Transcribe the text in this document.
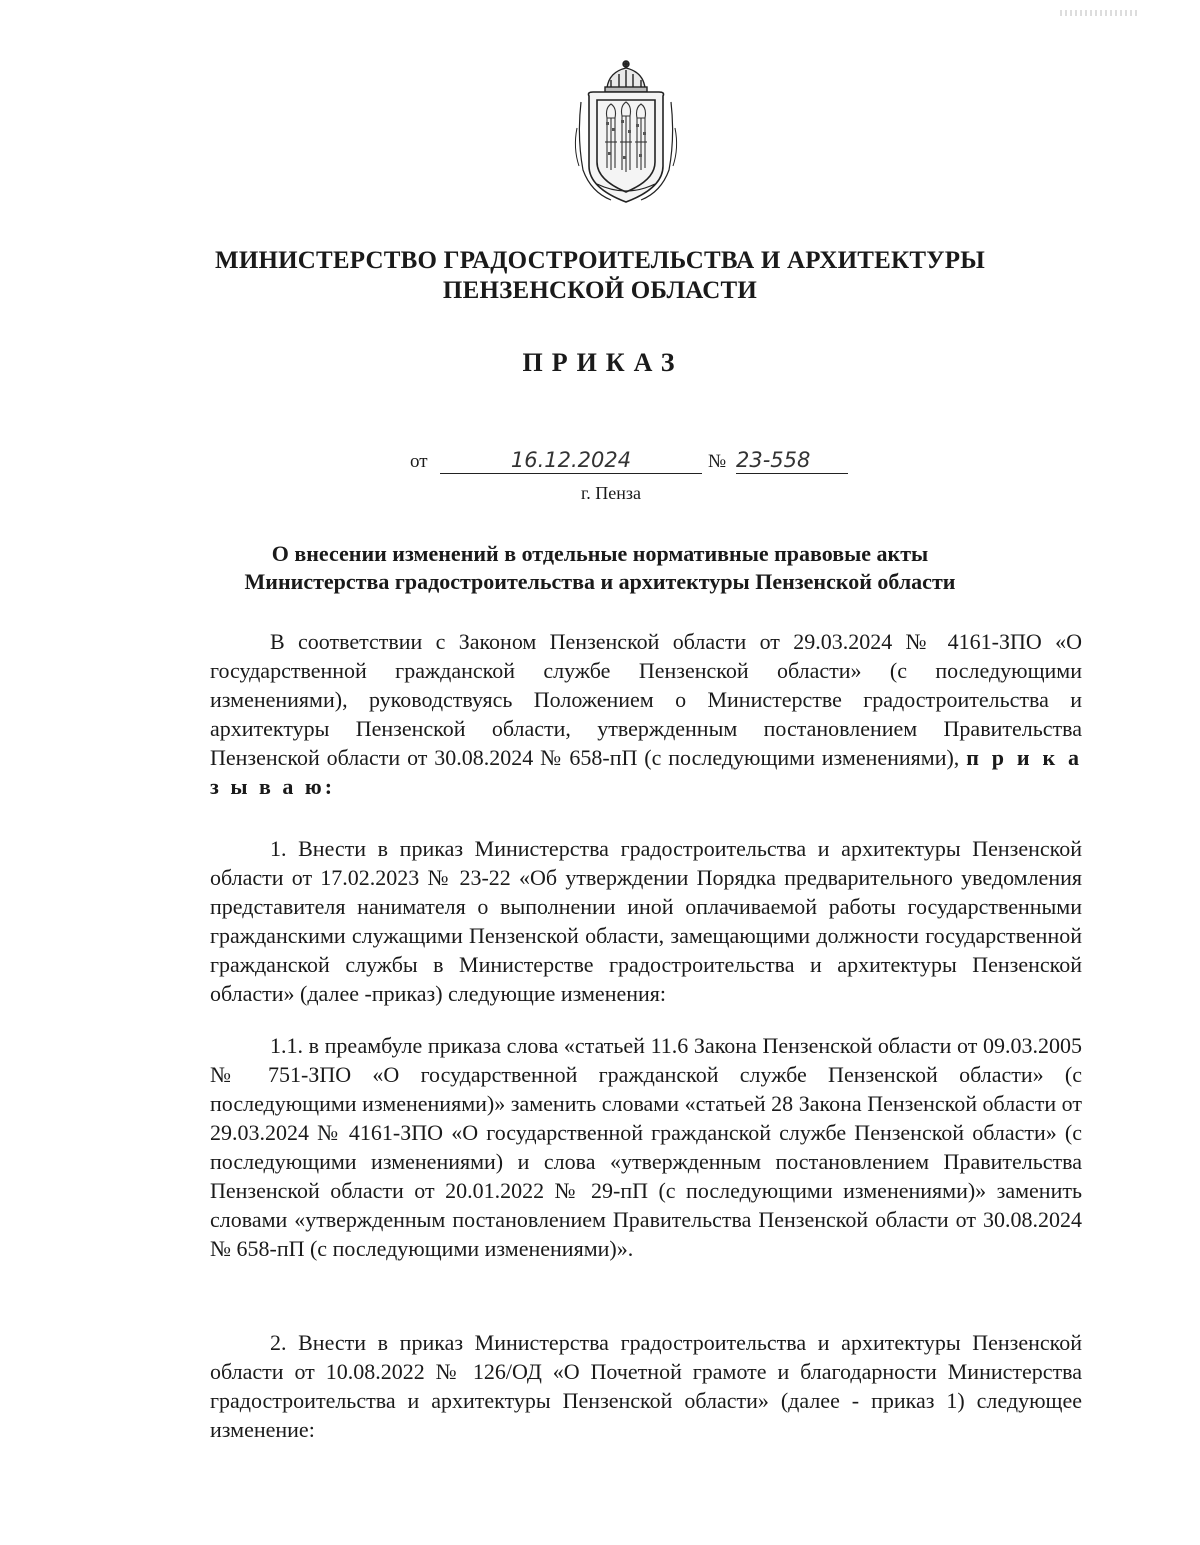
МИНИСТЕРСТВО ГРАДОСТРОИТЕЛЬСТВА И АРХИТЕКТУРЫ
ПЕНЗЕНСКОЙ ОБЛАСТИ
ПРИКАЗ
от	16.12.2024	№ 23-558
г. Пенза
О внесении изменений в отдельные нормативные правовые акты
Министерства градостроительства и архитектуры Пензенской области

В соответствии с Законом Пензенской области от 29.03.2024 № 4161-ЗПО «О государственной гражданской службе Пензенской области» (с последующими изменениями), руководствуясь Положением о Министерстве градостроительства и архитектуры Пензенской области, утвержденным постановлением Правительства Пензенской области от 30.08.2024 № 658-пП (с последующими изменениями), п р и к а з ы в а ю:

1. Внести в приказ Министерства градостроительства и архитектуры Пензенской области от 17.02.2023 № 23-22 «Об утверждении Порядка предварительного уведомления представителя нанимателя о выполнении иной оплачиваемой работы государственными гражданскими служащими Пензенской области, замещающими должности государственной гражданской службы в Министерстве градостроительства и архитектуры Пензенской области» (далее -приказ) следующие изменения:

1.1. в преамбуле приказа слова «статьей 11.6 Закона Пензенской области от 09.03.2005 № 751-ЗПО «О государственной гражданской службе Пензенской области» (с последующими изменениями)» заменить словами «статьей 28 Закона Пензенской области от 29.03.2024 № 4161-ЗПО «О государственной гражданской службе Пензенской области» (с последующими изменениями) и слова «утвержденным постановлением Правительства Пензенской области от 20.01.2022 № 29-пП (с последующими изменениями)» заменить словами «утвержденным постановлением Правительства Пензенской области от 30.08.2024 № 658-пП (с последующими изменениями)».

2. Внести в приказ Министерства градостроительства и архитектуры Пензенской области от 10.08.2022 № 126/ОД «О Почетной грамоте и благодарности Министерства градостроительства и архитектуры Пензенской области» (далее - приказ 1) следующее изменение:
